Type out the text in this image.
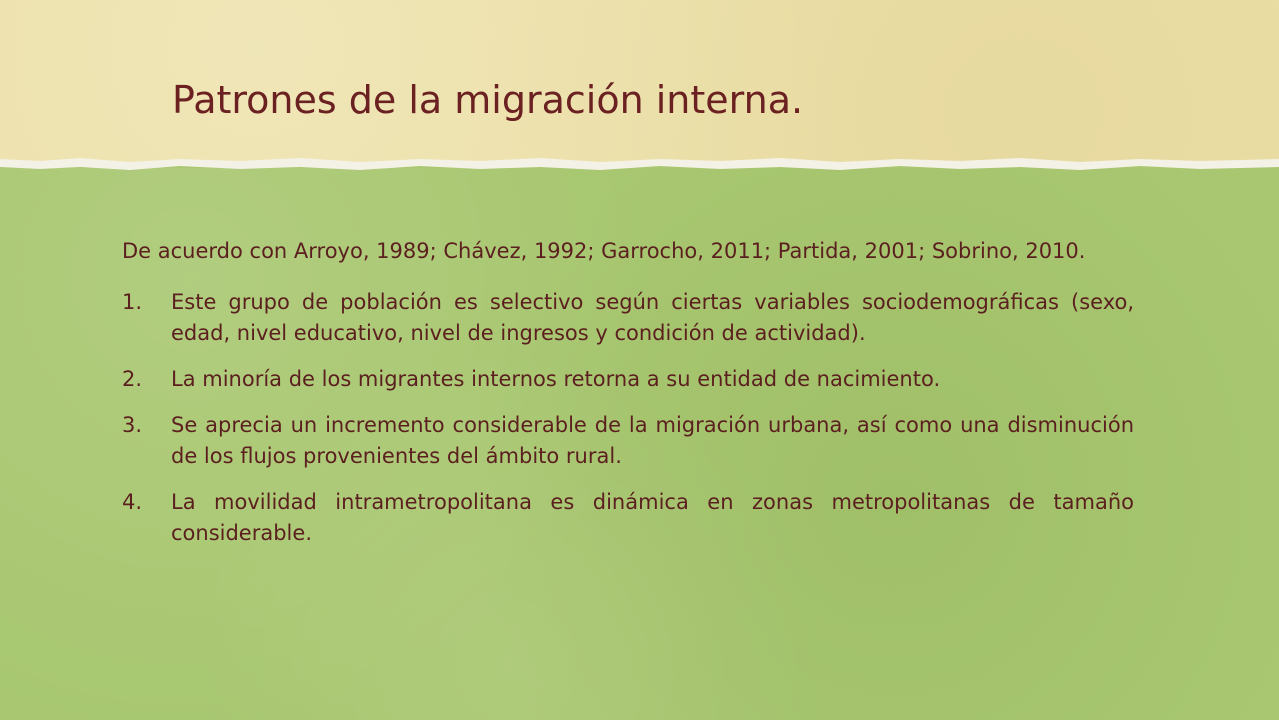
Patrones de la migración interna.

De acuerdo con Arroyo, 1989; Chávez, 1992; Garrocho, 2011; Partida, 2001; Sobrino, 2010.

1. Este grupo de población es selectivo según ciertas variables sociodemográficas (sexo, edad, nivel educativo, nivel de ingresos y condición de actividad).
2. La minoría de los migrantes internos retorna a su entidad de nacimiento.
3. Se aprecia un incremento considerable de la migración urbana, así como una disminución de los flujos provenientes del ámbito rural.
4. La movilidad intrametropolitana es dinámica en zonas metropolitanas de tamaño considerable.
